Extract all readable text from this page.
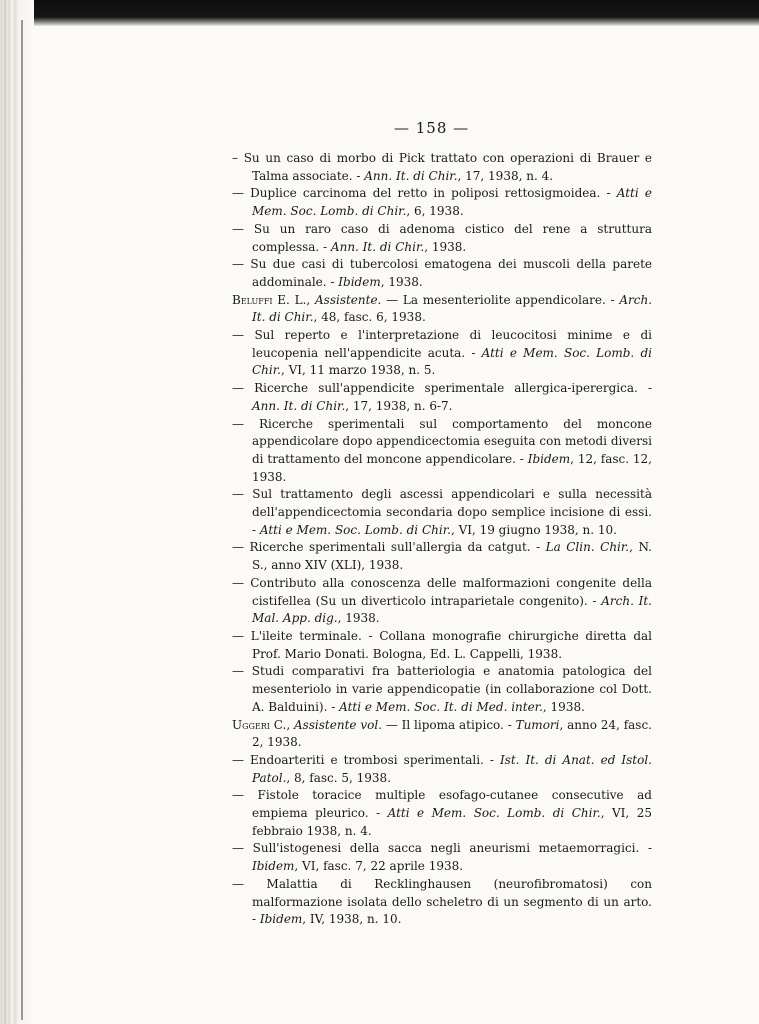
— 158 —

– Su un caso di morbo di Pick trattato con operazioni di Brauer e Talma associate. - Ann. It. di Chir., 17, 1938, n. 4.

— Duplice carcinoma del retto in poliposi rettosigmoidea. - Atti e Mem. Soc. Lomb. di Chir., 6, 1938.

— Su un raro caso di adenoma cistico del rene a struttura complessa. - Ann. It. di Chir., 1938.

— Su due casi di tubercolosi ematogena dei muscoli della parete addominale. - Ibidem, 1938.

Beluffi E. L., Assistente. — La mesenteriolite appendicolare. - Arch. It. di Chir., 48, fasc. 6, 1938.

— Sul reperto e l'interpretazione di leucocitosi minime e di leucopenia nell'appendicite acuta. - Atti e Mem. Soc. Lomb. di Chir., VI, 11 marzo 1938, n. 5.

— Ricerche sull'appendicite sperimentale allergica-iperergica. - Ann. It. di Chir., 17, 1938, n. 6-7.

— Ricerche sperimentali sul comportamento del moncone appendicolare dopo appendicectomia eseguita con metodi diversi di trattamento del moncone appendicolare. - Ibidem, 12, fasc. 12, 1938.

— Sul trattamento degli ascessi appendicolari e sulla necessità dell'appendicectomia secondaria dopo semplice incisione di essi. - Atti e Mem. Soc. Lomb. di Chir., VI, 19 giugno 1938, n. 10.

— Ricerche sperimentali sull'allergia da catgut. - La Clin. Chir., N. S., anno XIV (XLI), 1938.

— Contributo alla conoscenza delle malformazioni congenite della cistifellea (Su un diverticolo intraparietale congenito). - Arch. It. Mal. App. dig., 1938.

— L'ileite terminale. - Collana monografie chirurgiche diretta dal Prof. Mario Donati. Bologna, Ed. L. Cappelli, 1938.

— Studi comparativi fra batteriologia e anatomia patologica del mesenteriolo in varie appendicopatie (in collaborazione col Dott. A. Balduini). - Atti e Mem. Soc. It. di Med. inter., 1938.

Uggeri C., Assistente vol. — Il lipoma atipico. - Tumori, anno 24, fasc. 2, 1938.

— Endoarteriti e trombosi sperimentali. - Ist. It. di Anat. ed Istol. Patol., 8, fasc. 5, 1938.

— Fistole toracice multiple esofago-cutanee consecutive ad empiema pleurico. - Atti e Mem. Soc. Lomb. di Chir., VI, 25 febbraio 1938, n. 4.

— Sull'istogenesi della sacca negli aneurismi metaemorragici. - Ibidem, VI, fasc. 7, 22 aprile 1938.

— Malattia di Recklinghausen (neurofibromatosi) con malformazione isolata dello scheletro di un segmento di un arto. - Ibidem, IV, 1938, n. 10.
